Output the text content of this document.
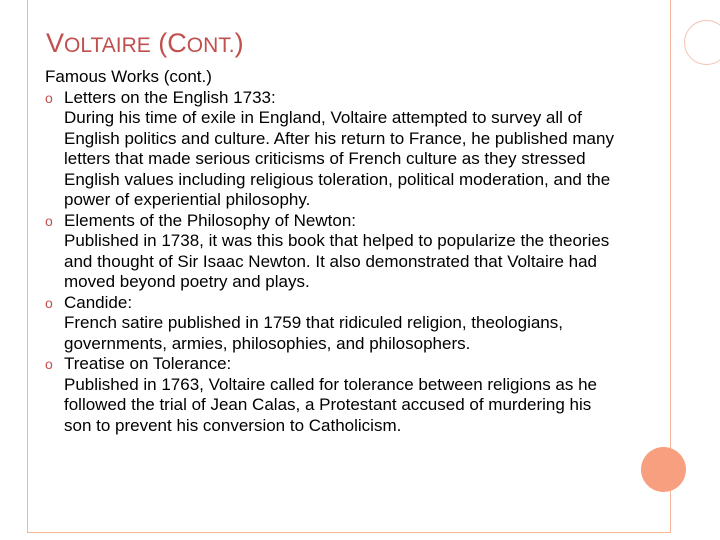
VOLTAIRE (CONT.)

Famous Works (cont.)

o Letters on the English 1733:
During his time of exile in England, Voltaire attempted to survey all of English politics and culture. After his return to France, he published many letters that made serious criticisms of French culture as they stressed English values including religious toleration, political moderation, and the power of experiential philosophy.
o Elements of the Philosophy of Newton:
Published in 1738, it was this book that helped to popularize the theories and thought of Sir Isaac Newton. It also demonstrated that Voltaire had moved beyond poetry and plays.
o Candide:
French satire published in 1759 that ridiculed religion, theologians, governments, armies, philosophies, and philosophers.
o Treatise on Tolerance:
Published in 1763, Voltaire called for tolerance between religions as he followed the trial of Jean Calas, a Protestant accused of murdering his son to prevent his conversion to Catholicism.
